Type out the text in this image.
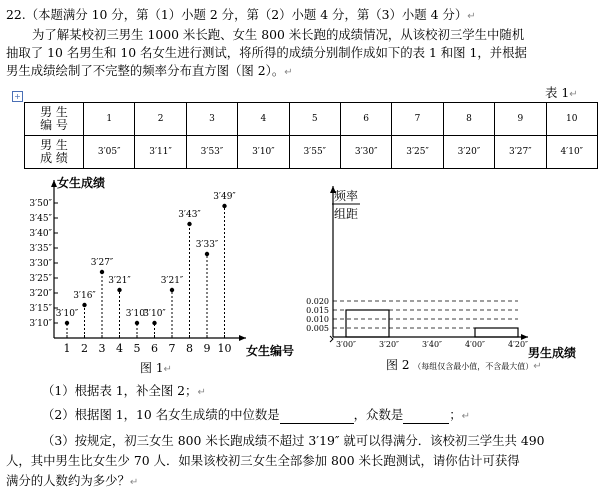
22.（本题满分 10 分，第（1）小题 2 分，第（2）小题 4 分，第（3）小题 4 分）↵
为了解某校初三男生 1000 米长跑、女生 800 米长跑的成绩情况，从该校初三学生中随机
抽取了 10 名男生和 10 名女生进行测试，将所得的成绩分别制作成如下的表 1 和图 1，并根据
男生成绩绘制了不完整的频率分布直方图（图 2）。↵
表 1↵
+
男 生
编 号	1	2	3	4	5	6	7	8	9	10

男 生
成 绩	3′05″	3′11″	3′53″	3′10″	3′55″	3′30″	3′25″	3′20″	3′27″	4′10″
女生成绩
女生编号
3′10″
3′15″
3′20″
3′25″
3′30″
3′35″
3′40″
3′45″
3′50″
1 2 3 4 5 6 7 8 9 10
3′10″
3′16″
3′27″
3′21″
3′10″
3′10″
3′21″
3′43″
3′33″
3′49″
图 1↵
频率
组距
男生成绩
0.005
0.010
0.015
0.020
3′00″	3′20″	3′40″	4′00″	4′20″
图 2 （每组仅含最小值，不含最大值）↵
（1）根据表 1，补全图 2；↵
（2）根据图 1，10 名女生成绩的中位数是	，众数是	；↵
（3）按规定，初三女生 800 米长跑成绩不超过 3′19″ 就可以得满分．该校初三学生共 490
人，其中男生比女生少 70 人．如果该校初三女生全部参加 800 米长跑测试，请你估计可获得
满分的人数约为多少？↵
